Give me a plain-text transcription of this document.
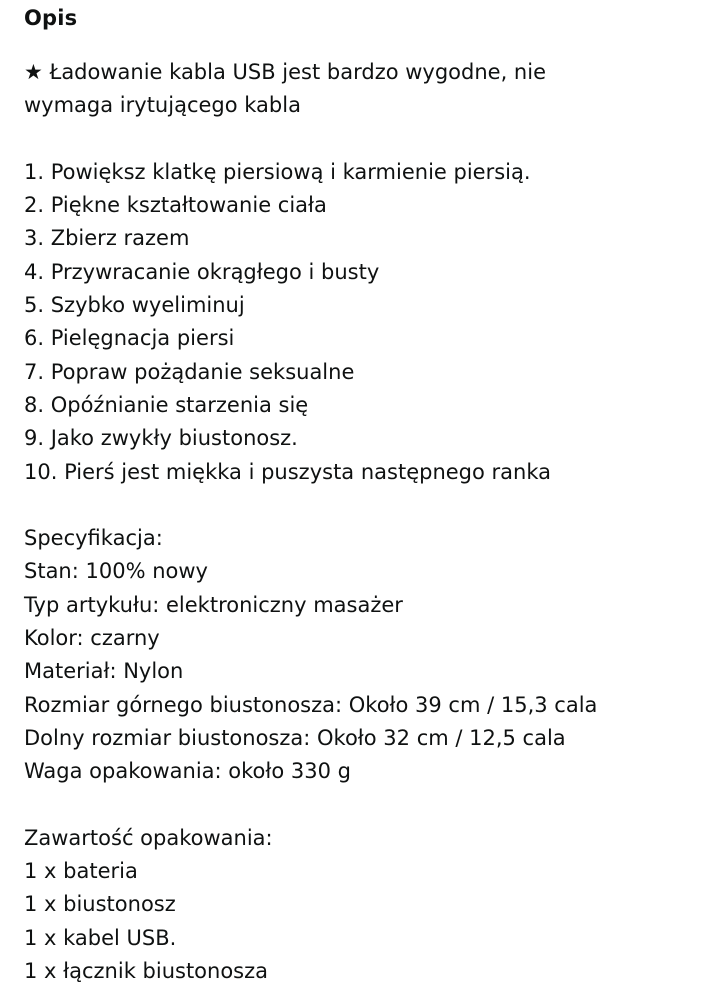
Opis
★ Ładowanie kabla USB jest bardzo wygodne, nie
wymaga irytującego kabla
1. Powiększ klatkę piersiową i karmienie piersią.
2. Piękne kształtowanie ciała
3. Zbierz razem
4. Przywracanie okrągłego i busty
5. Szybko wyeliminuj
6. Pielęgnacja piersi
7. Popraw pożądanie seksualne
8. Opóźnianie starzenia się
9. Jako zwykły biustonosz.
10. Pierś jest miękka i puszysta następnego ranka
Specyfikacja:
Stan: 100% nowy
Typ artykułu: elektroniczny masażer
Kolor: czarny
Materiał: Nylon
Rozmiar górnego biustonosza: Około 39 cm / 15,3 cala
Dolny rozmiar biustonosza: Około 32 cm / 12,5 cala
Waga opakowania: około 330 g
Zawartość opakowania:
1 x bateria
1 x biustonosz
1 x kabel USB.
1 x łącznik biustonosza
